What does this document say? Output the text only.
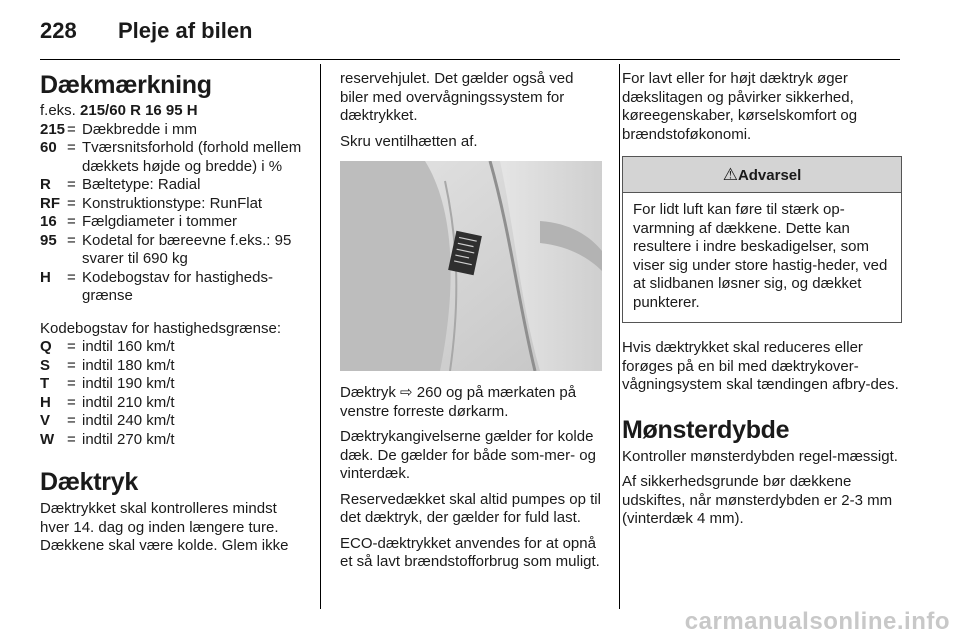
228 Pleje af bilen
Dækmærkning

f.eks. 215/60 R 16 95 H

215 = Dækbredde i mm
60 = Tværsnitsforhold (forhold mellem dækkets højde og bredde) i %
R	= Bæltetype: Radial
RF = Konstruktionstype: RunFlat
16 = Fælgdiameter i tommer
95 = Kodetal for bæreevne f.eks.: 95 svarer til 690 kg
H	= Kodebogstav for hastigheds-grænse

Kodebogstav for hastighedsgrænse:

Q	= indtil 160 km/t
S	= indtil 180 km/t
T	= indtil 190 km/t
H	= indtil 210 km/t
V	= indtil 240 km/t
W = indtil 270 km/t
Dæktryk

Dæktrykket skal kontrolleres mindst hver 14. dag og inden længere ture. Dækkene skal være kolde. Glem ikke

reservehjulet. Det gælder også ved biler med overvågningssystem for dæktrykket.

Skru ventilhætten af.

Dæktryk ⇨ 260 og på mærkaten på venstre forreste dørkarm.

Dæktrykangivelserne gælder for kolde dæk. De gælder for både som-mer- og vinterdæk.

Reservedækket skal altid pumpes op til det dæktryk, der gælder for fuld last.

ECO-dæktrykket anvendes for at opnå et så lavt brændstofforbrug som muligt.

For lavt eller for højt dæktryk øger dækslitagen og påvirker sikkerhed, køreegenskaber, kørselskomfort og brændstoføkonomi.

⚠Advarsel
For lidt luft kan føre til stærk op-varmning af dækkene. Dette kan resultere i indre beskadigelser, som viser sig under store hastig-heder, ved at slidbanen løsner sig, og dækket punkterer.

Hvis dæktrykket skal reduceres eller forøges på en bil med dæktrykover-vågningsystem skal tændingen afbry-des.

Mønsterdybde

Kontroller mønsterdybden regel-mæssigt.

Af sikkerhedsgrunde bør dækkene udskiftes, når mønsterdybden er 2-3 mm (vinterdæk 4 mm).

carmanualsonline.info
